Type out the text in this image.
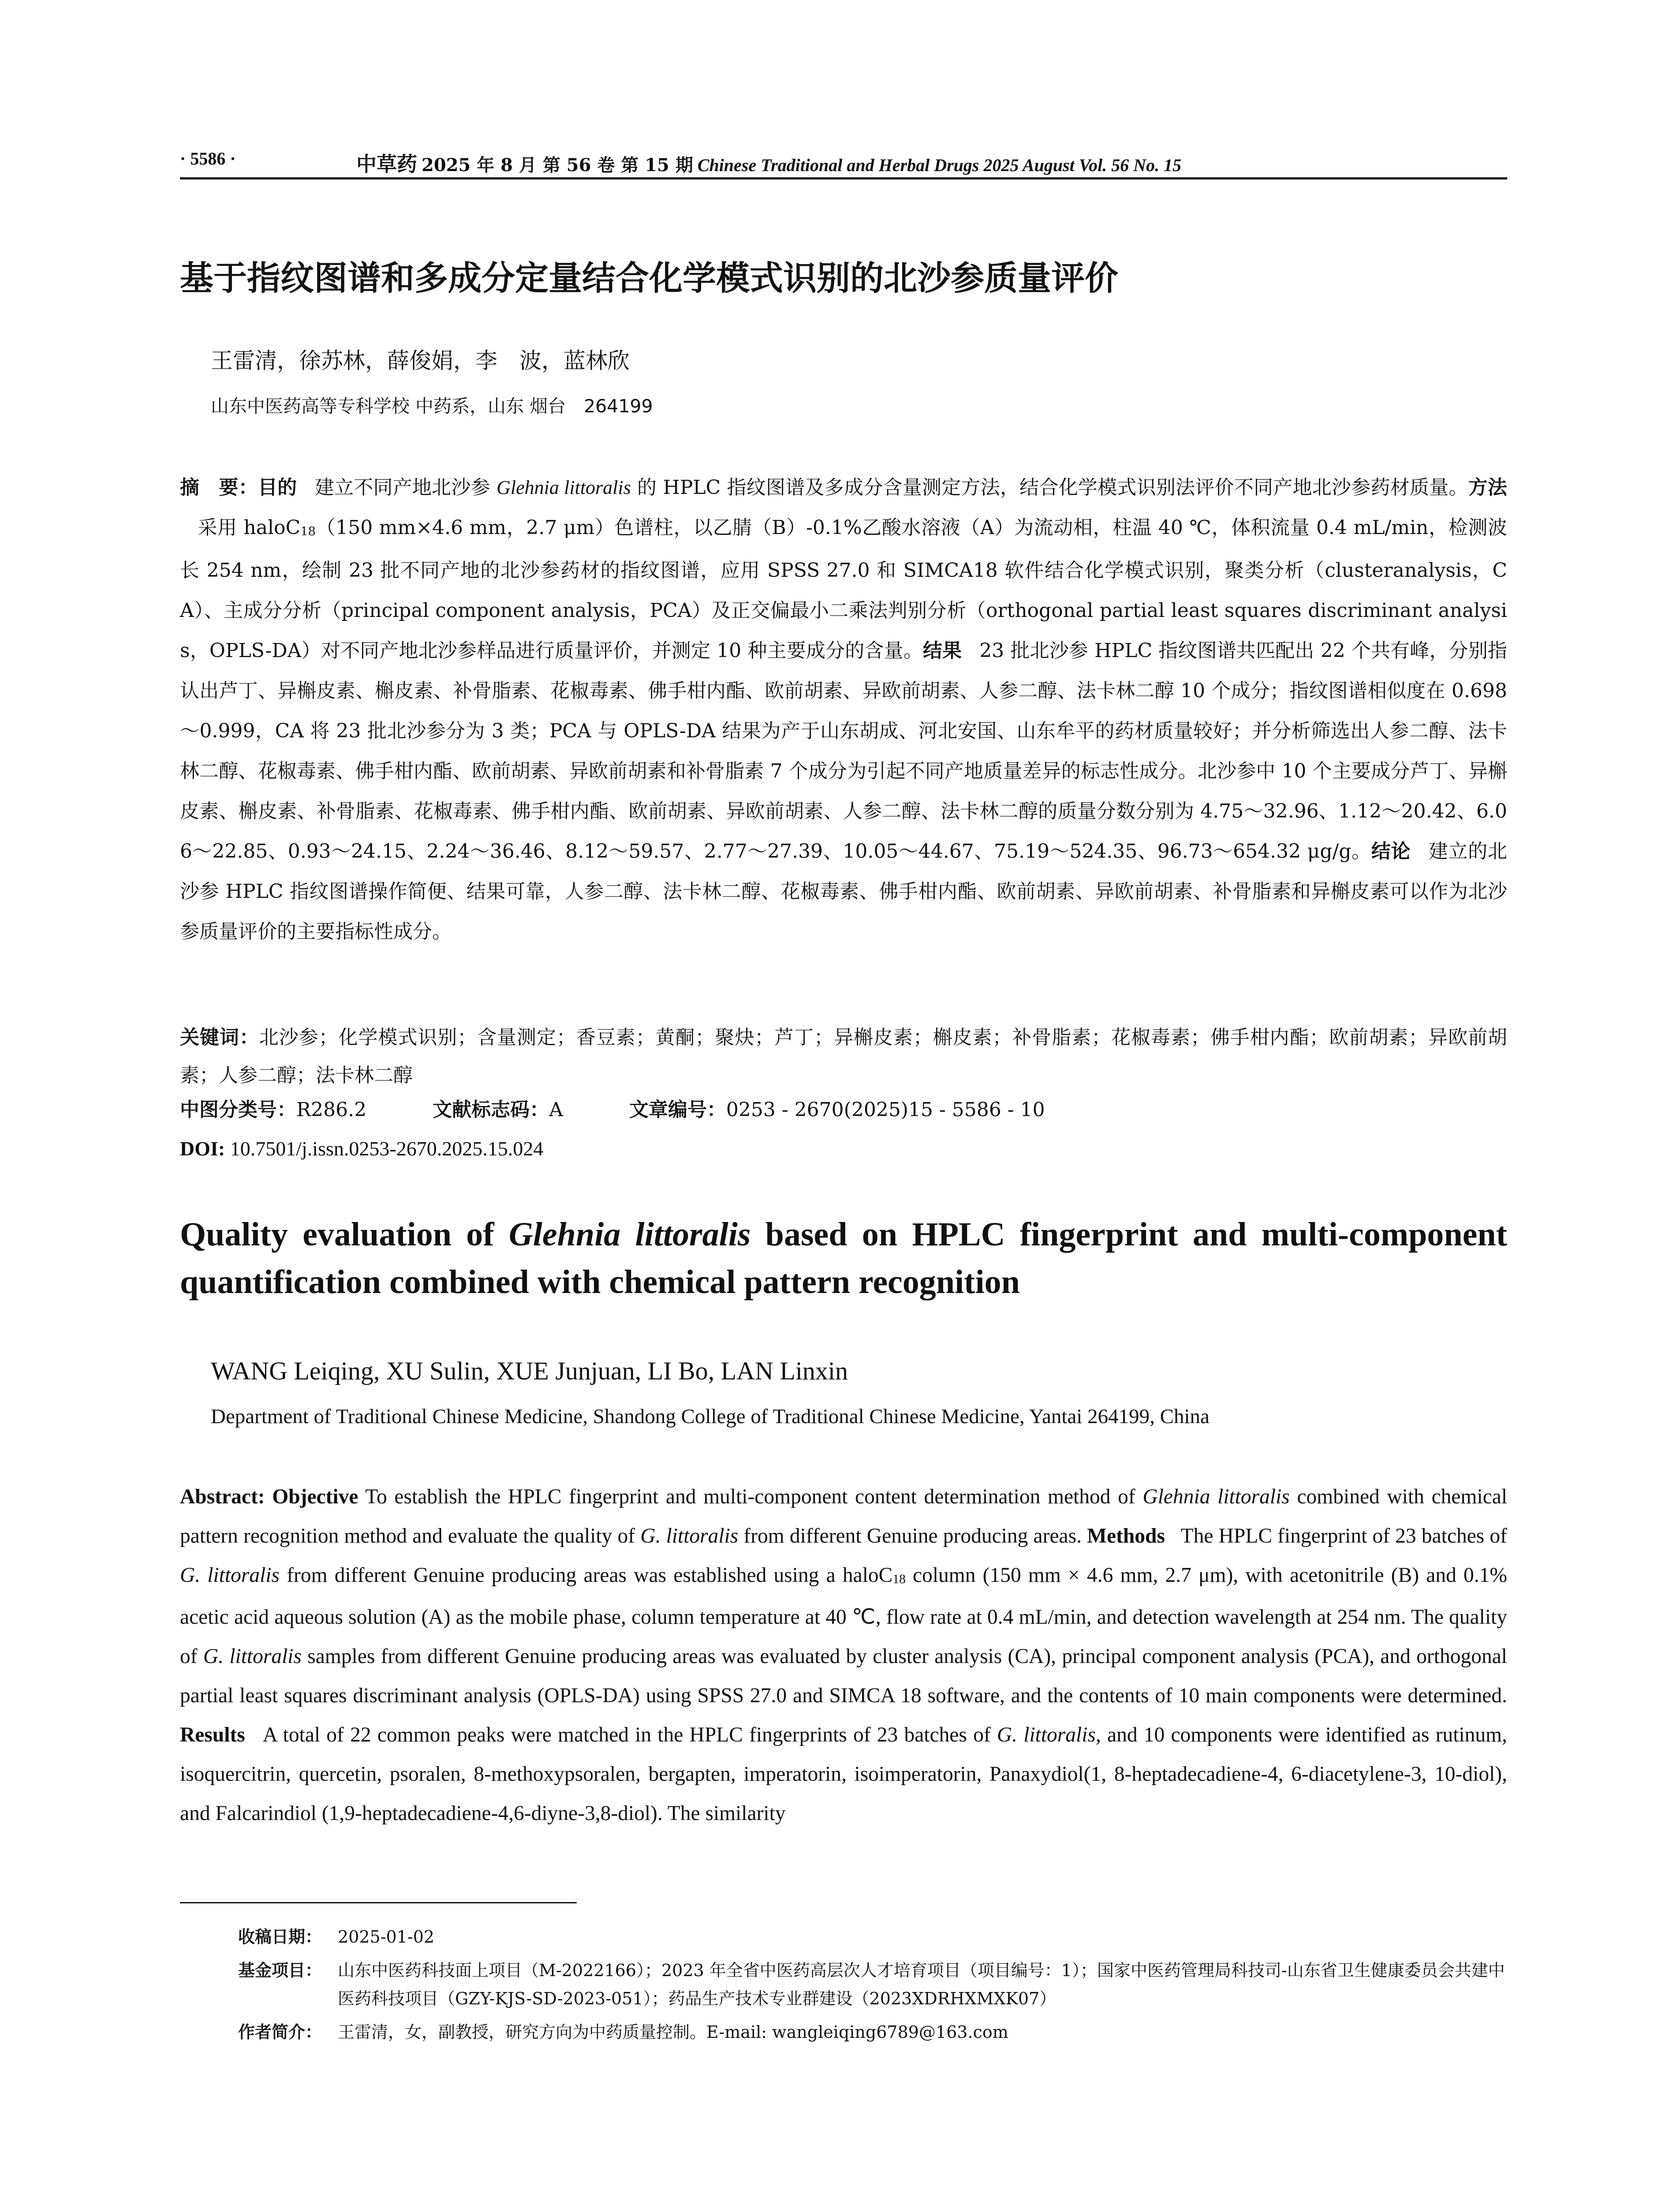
· 5586 ·	中草药 2025 年 8 月 第 56 卷 第 15 期 Chinese Traditional and Herbal Drugs 2025 August Vol. 56 No. 15
基于指纹图谱和多成分定量结合化学模式识别的北沙参质量评价
王雷清，徐苏林，薛俊娟，李　波，蓝林欣
山东中医药高等专科学校 中药系，山东 烟台　264199
摘　要：目的 建立不同产地北沙参 Glehnia littoralis 的 HPLC 指纹图谱及多成分含量测定方法，结合化学模式识别法评价不同产地北沙参药材质量。方法采用 haloC$_{18}$（150 mm×4.6 mm，2.7 μm）色谱柱，以乙腈（B）-0.1%乙酸水溶液（A）为流动相，柱温 40 ℃，体积流量 0.4 mL/min，检测波长 254 nm，绘制 23 批不同产地的北沙参药材的指纹图谱，应用 SPSS 27.0 和 SIMCA18 软件结合化学模式识别，聚类分析（clusteranalysis，CA）、主成分分析（principal component analysis，PCA）及正交偏最小二乘法判别分析（orthogonal partial least squares discriminant analysis，OPLS-DA）对不同产地北沙参样品进行质量评价，并测定 10 种主要成分的含量。结果 23 批北沙参 HPLC 指纹图谱共匹配出 22 个共有峰，分别指认出芦丁、异槲皮素、槲皮素、补骨脂素、花椒毒素、佛手柑内酯、欧前胡素、异欧前胡素、人参二醇、法卡林二醇 10 个成分；指纹图谱相似度在 0.698～0.999，CA 将 23 批北沙参分为 3 类；PCA 与 OPLS-DA 结果为产于山东胡成、河北安国、山东牟平的药材质量较好；并分析筛选出人参二醇、法卡林二醇、花椒毒素、佛手柑内酯、欧前胡素、异欧前胡素和补骨脂素 7 个成分为引起不同产地质量差异的标志性成分。北沙参中 10 个主要成分芦丁、异槲皮素、槲皮素、补骨脂素、花椒毒素、佛手柑内酯、欧前胡素、异欧前胡素、人参二醇、法卡林二醇的质量分数分别为 4.75～32.96、1.12～20.42、6.06～22.85、0.93～24.15、2.24～36.46、8.12～59.57、2.77～27.39、10.05～44.67、75.19～524.35、96.73～654.32 μg/g。结论 建立的北沙参 HPLC 指纹图谱操作简便、结果可靠，人参二醇、法卡林二醇、花椒毒素、佛手柑内酯、欧前胡素、异欧前胡素、补骨脂素和异槲皮素可以作为北沙参质量评价的主要指标性成分。
关键词：北沙参；化学模式识别；含量测定；香豆素；黄酮；聚炔；芦丁；异槲皮素；槲皮素；补骨脂素；花椒毒素；佛手柑内酯；欧前胡素；异欧前胡素；人参二醇；法卡林二醇
中图分类号：R286.2	文献标志码：A	文章编号：0253 - 2670(2025)15 - 5586 - 10
DOI: 10.7501/j.issn.0253-2670.2025.15.024
Quality evaluation of Glehnia littoralis based on HPLC fingerprint and multi-component quantification combined with chemical pattern recognition
WANG Leiqing, XU Sulin, XUE Junjuan, LI Bo, LAN Linxin
Department of Traditional Chinese Medicine, Shandong College of Traditional Chinese Medicine, Yantai 264199, China
Abstract: Objective To establish the HPLC fingerprint and multi-component content determination method of Glehnia littoralis combined with chemical pattern recognition method and evaluate the quality of G. littoralis from different Genuine producing areas. Methods The HPLC fingerprint of 23 batches of G. littoralis from different Genuine producing areas was established using a haloC$_{18}$ column (150 mm × 4.6 mm, 2.7 μm), with acetonitrile (B) and 0.1% acetic acid aqueous solution (A) as the mobile phase, column temperature at 40 ℃, flow rate at 0.4 mL/min, and detection wavelength at 254 nm. The quality of G. littoralis samples from different Genuine producing areas was evaluated by cluster analysis (CA), principal component analysis (PCA), and orthogonal partial least squares discriminant analysis (OPLS-DA) using SPSS 27.0 and SIMCA 18 software, and the contents of 10 main components were determined. Results A total of 22 common peaks were matched in the HPLC fingerprints of 23 batches of G. littoralis, and 10 components were identified as rutinum, isoquercitrin, quercetin, psoralen, 8-methoxypsoralen, bergapten, imperatorin, isoimperatorin, Panaxydiol(1, 8-heptadecadiene-4, 6-diacetylene-3, 10-diol), and Falcarindiol (1,9-heptadecadiene-4,6-diyne-3,8-diol). The similarity
收稿日期： 2025-01-02
基金项目： 山东中医药科技面上项目（M-2022166）；2023 年全省中医药高层次人才培育项目（项目编号：1）；国家中医药管理局科技司-山东省卫生健康委员会共建中医药科技项目（GZY-KJS-SD-2023-051）；药品生产技术专业群建设（2023XDRHXMXK07）
作者简介： 王雷清，女，副教授，研究方向为中药质量控制。E-mail: wangleiqing6789@163.com
